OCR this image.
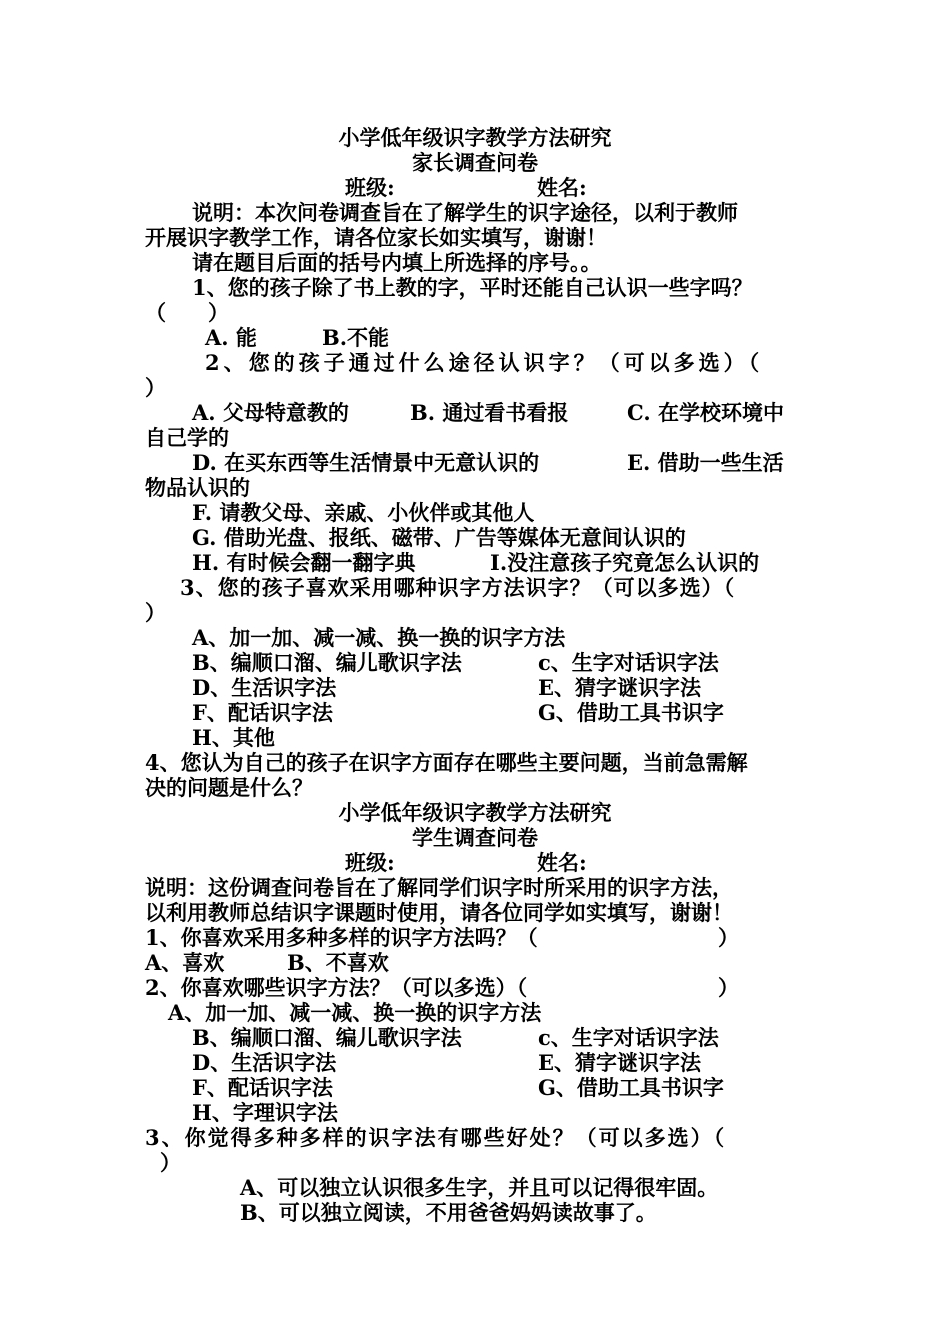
小学低年级识字教学方法研究
家长调查问卷
班级:	姓名:
说明：本次问卷调查旨在了解学生的识字途径，以利于教师
开展识字教学工作，请各位家长如实填写，谢谢！
请在题目后面的括号内填上所选择的序号。。
1、您的孩子除了书上教的字，平时还能自己认识一些字吗？
（　　）
A. 能	B.不能
2、您的孩子通过什么途径认识字？（可以多选）（
）
A. 父母特意教的	B. 通过看书看报	C. 在学校环境中
自己学的
D. 在买东西等生活情景中无意认识的	E. 借助一些生活
物品认识的
F. 请教父母、亲戚、小伙伴或其他人
G. 借助光盘、报纸、磁带、广告等媒体无意间认识的
H. 有时候会翻一翻字典	I.没注意孩子究竟怎么认识的
3、您的孩子喜欢采用哪种识字方法识字？（可以多选）（
）
A、加一加、减一减、换一换的识字方法
B、编顺口溜、编儿歌识字法	c、生字对话识字法
D、生活识字法	E、猜字谜识字法
F、配话识字法	G、借助工具书识字
H、其他
4、您认为自己的孩子在识字方面存在哪些主要问题，当前急需解
决的问题是什么？
小学低年级识字教学方法研究
学生调查问卷
班级:	姓名:
说明：这份调查问卷旨在了解同学们识字时所采用的识字方法，
以利用教师总结识字课题时使用，请各位同学如实填写，谢谢！
1、你喜欢采用多种多样的识字方法吗？（	）
A、喜欢	B、不喜欢
2、你喜欢哪些识字方法？（可以多选）（	）
A、加一加、减一减、换一换的识字方法
B、编顺口溜、编儿歌识字法	c、生字对话识字法
D、生活识字法	E、猜字谜识字法
F、配话识字法	G、借助工具书识字
H、字理识字法
3、你觉得多种多样的识字法有哪些好处？（可以多选）（
）
A、可以独立认识很多生字，并且可以记得很牢固。
B、可以独立阅读，不用爸爸妈妈读故事了。
